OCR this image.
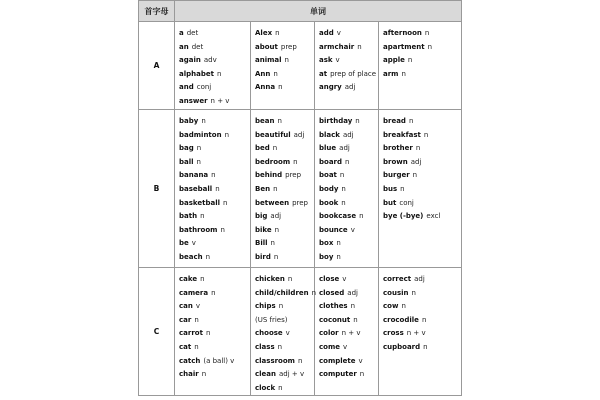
首字母	单词
A
a det
an det
again adv
alphabet n
and conj
answer n + v
Alex n
about prep
animal n
Ann n
Anna n
add v
armchair n
ask v
at prep of place
angry adj
afternoon n
apartment n
apple n
arm n
B
baby n
badminton n
bag n
ball n
banana n
baseball n
basketball n
bath n
bathroom n
be v
beach n
bean n
beautiful adj
bed n
bedroom n
behind prep
Ben n
between prep
big adj
bike n
Bill n
bird n
birthday n
black adj
blue adj
board n
boat n
body n
book n
bookcase n
bounce v
box n
boy n
bread n
breakfast n
brother n
brown adj
burger n
bus n
but conj
bye (-bye) excl
C
cake n
camera n
can v
car n
carrot n
cat n
catch (a ball) v
chair n
chicken n
child/children n
chips n
(US fries)
choose v
class n
classroom n
clean adj + v
clock n
close v
closed adj
clothes n
coconut n
color n + v
come v
complete v
computer n
correct adj
cousin n
cow n
crocodile n
cross n + v
cupboard n
